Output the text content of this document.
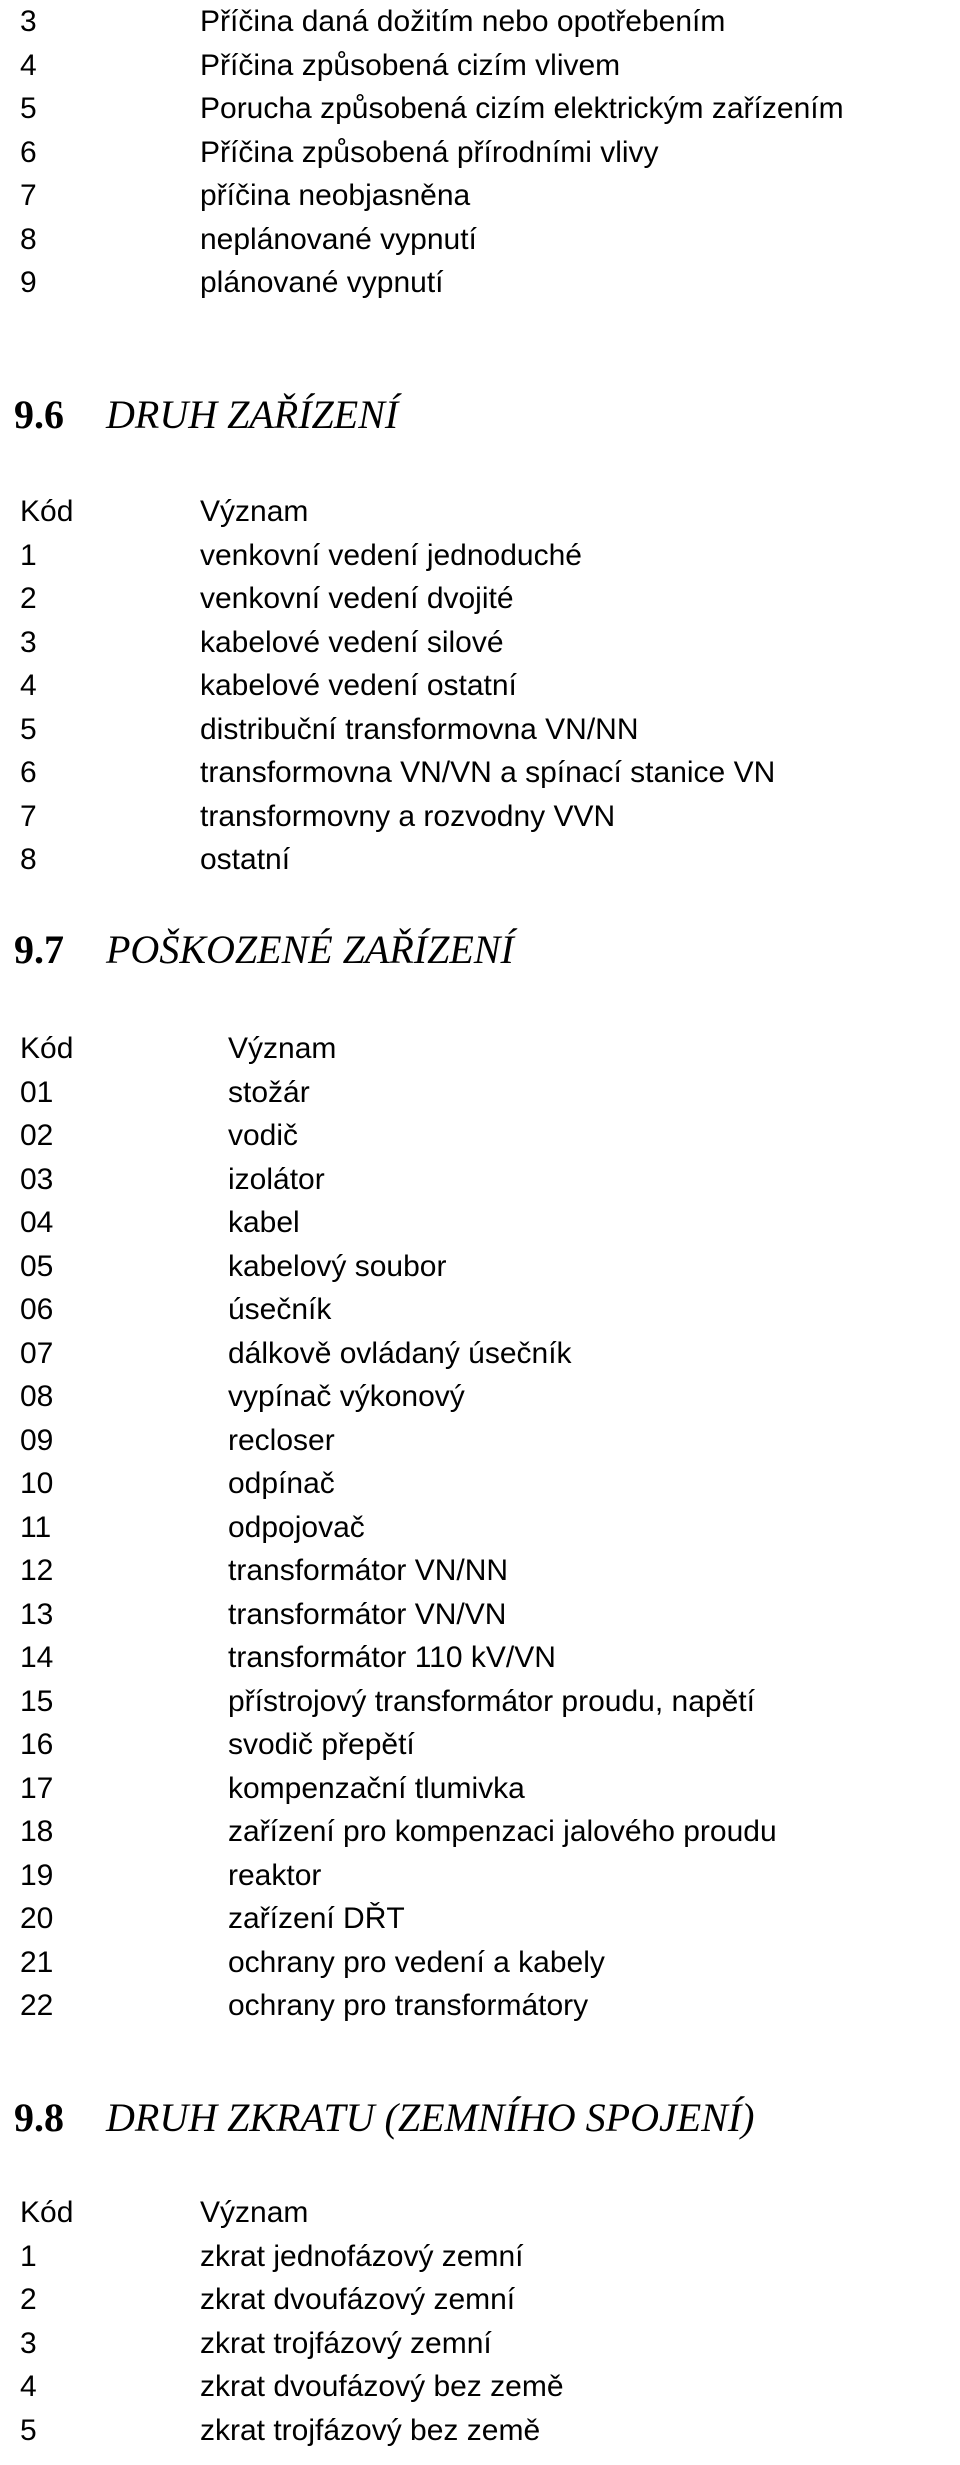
3	Příčina daná dožitím nebo opotřebením
4	Příčina způsobená cizím vlivem
5	Porucha způsobená cizím elektrickým zařízením
6	Příčina způsobená přírodními vlivy
7	příčina neobjasněna
8	neplánované vypnutí
9	plánované vypnutí
9.6 DRUH ZAŘÍZENÍ
Kód	Význam
1	venkovní vedení jednoduché
2	venkovní vedení dvojité
3	kabelové vedení silové
4	kabelové vedení ostatní
5	distribuční transformovna VN/NN
6	transformovna VN/VN a spínací stanice VN
7	transformovny a rozvodny VVN
8	ostatní
9.7 POŠKOZENÉ ZAŘÍZENÍ
Kód	Význam
01	stožár
02	vodič
03	izolátor
04	kabel
05	kabelový soubor
06	úsečník
07	dálkově ovládaný úsečník
08	vypínač výkonový
09	recloser
10	odpínač
11	odpojovač
12	transformátor VN/NN
13	transformátor VN/VN
14	transformátor 110 kV/VN
15	přístrojový transformátor proudu, napětí
16	svodič přepětí
17	kompenzační tlumivka
18	zařízení pro kompenzaci jalového proudu
19	reaktor
20	zařízení DŘT
21	ochrany pro vedení a kabely
22	ochrany pro transformátory
9.8 DRUH ZKRATU (ZEMNÍHO SPOJENÍ)
Kód	Význam
1	zkrat jednofázový zemní
2	zkrat dvoufázový zemní
3	zkrat trojfázový zemní
4	zkrat dvoufázový bez země
5	zkrat trojfázový bez země
